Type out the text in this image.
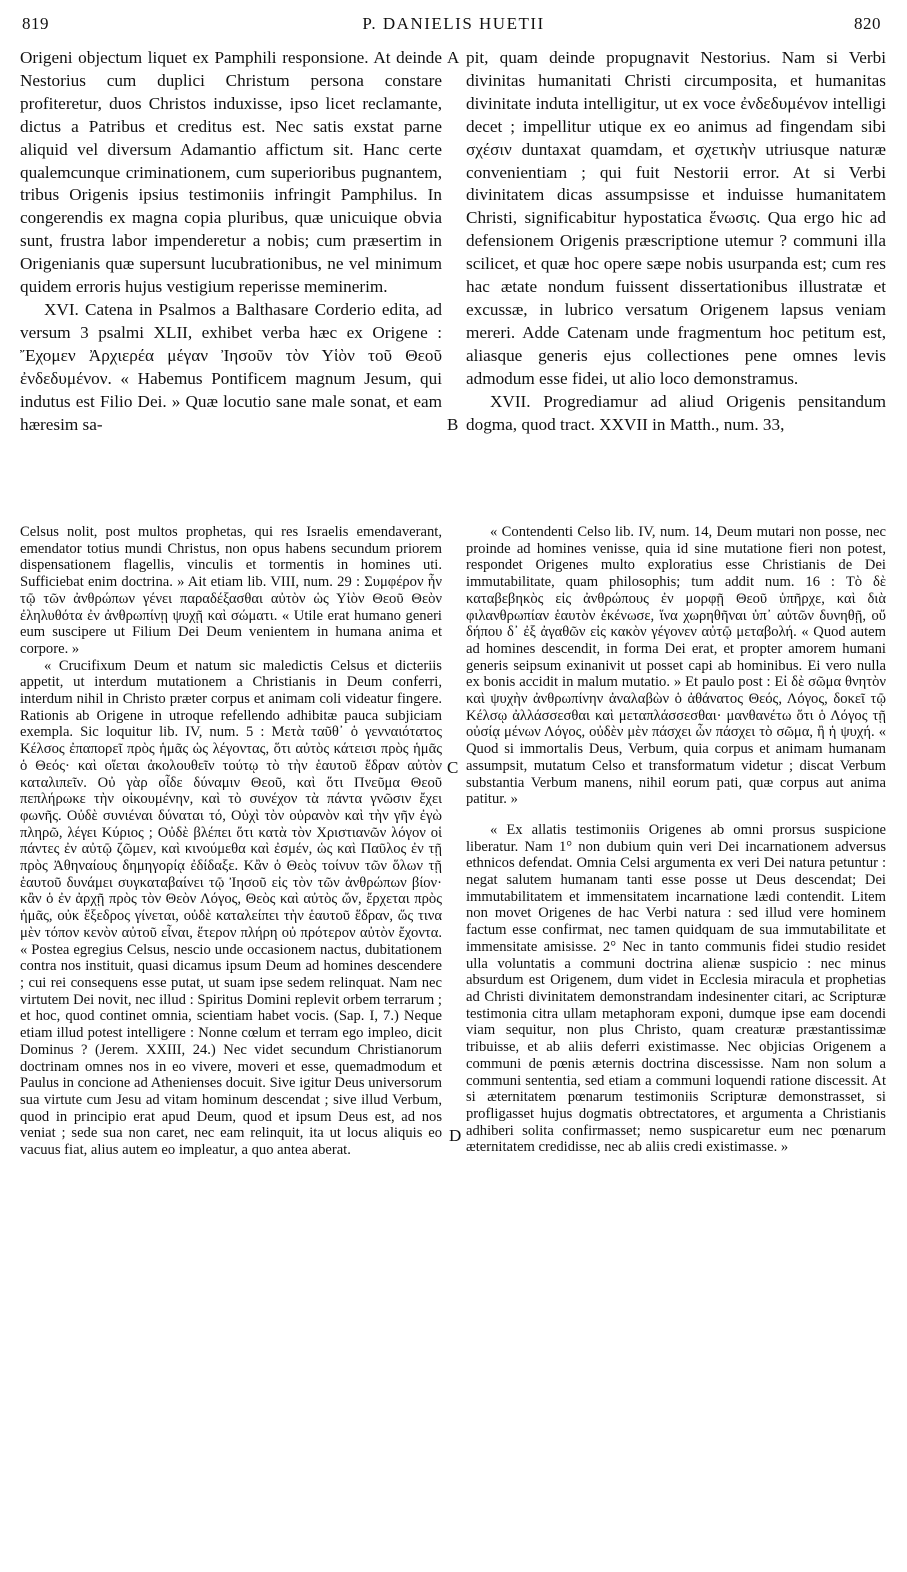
819	P. DANIELIS HUETII	820
A
B
C
D

Origeni objectum liquet ex Pamphili responsione. At deinde Nestorius cum duplici Christum persona constare profiteretur, duos Christos induxisse, ipso licet reclamante, dictus a Patribus et creditus est. Nec satis exstat parne aliquid vel diversum Adamantio affictum sit. Hanc certe qualemcunque criminationem, cum superioribus pugnantem, tribus Origenis ipsius testimoniis infringit Pamphilus. In congerendis ex magna copia pluribus, quæ unicuique obvia sunt, frustra labor impenderetur a nobis; cum præsertim in Origenianis quæ supersunt lucubrationibus, ne vel minimum quidem erroris hujus vestigium reperisse meminerim.

XVI. Catena in Psalmos a Balthasare Corderio edita, ad versum 3 psalmi XLII, exhibet verba hæc ex Origene : Ἔχομεν Ἀρχιερέα μέγαν Ἰησοῦν τὸν Υἱὸν τοῦ Θεοῦ ἐνδεδυμένον. « Habemus Pontificem magnum Jesum, qui indutus est Filio Dei. » Quæ locutio sane male sonat, et eam hæresim sa-

pit, quam deinde propugnavit Nestorius. Nam si Verbi divinitas humanitati Christi circumposita, et humanitas divinitate induta intelligitur, ut ex voce ἐνδεδυμένον intelligi decet ; impellitur utique ex eo animus ad fingendam sibi σχέσιν duntaxat quamdam, et σχετικὴν utriusque naturæ convenientiam ; qui fuit Nestorii error. At si Verbi divinitatem dicas assumpsisse et induisse humanitatem Christi, significabitur hypostatica ἕνωσις. Qua ergo hic ad defensionem Origenis præscriptione utemur ? communi illa scilicet, et quæ hoc opere sæpe nobis usurpanda est; cum res hac ætate nondum fuissent dissertationibus illustratæ et excussæ, in lubrico versatum Origenem lapsus veniam mereri. Adde Catenam unde fragmentum hoc petitum est, aliasque generis ejus collectiones pene omnes levis admodum esse fidei, ut alio loco demonstramus.

XVII. Progrediamur ad aliud Origenis pensitandum dogma, quod tract. XXVII in Matth., num. 33,

Celsus nolit, post multos prophetas, qui res Israelis emendaverant, emendator totius mundi Christus, non opus habens secundum priorem dispensationem flagellis, vinculis et tormentis in homines uti. Sufficiebat enim doctrina. » Ait etiam lib. VIII, num. 29 : Συμφέρον ἦν τῷ τῶν ἀνθρώπων γένει παραδέξασθαι αὐτὸν ὡς Υἱὸν Θεοῦ Θεὸν ἐληλυθότα ἐν ἀνθρωπίνῃ ψυχῇ καὶ σώματι. « Utile erat humano generi eum suscipere ut Filium Dei Deum venientem in humana anima et corpore. »

« Crucifixum Deum et natum sic maledictis Celsus et dicteriis appetit, ut interdum mutationem a Christianis in Deum conferri, interdum nihil in Christo præter corpus et animam coli videatur fingere. Rationis ab Origene in utroque refellendo adhibitæ pauca subjiciam exempla. Sic loquitur lib. IV, num. 5 : Μετὰ ταῦθ᾽ ὁ γενναιότατος Κέλσος ἐπαπορεῖ πρὸς ἡμᾶς ὡς λέγοντας, ὅτι αὐτὸς κάτεισι πρὸς ἡμᾶς ὁ Θεός· καὶ οἴεται ἀκολουθεῖν τούτῳ τὸ τὴν ἑαυτοῦ ἕδραν αὐτὸν καταλιπεῖν. Οὐ γὰρ οἶδε δύναμιν Θεοῦ, καὶ ὅτι Πνεῦμα Θεοῦ πεπλήρωκε τὴν οἰκουμένην, καὶ τὸ συνέχον τὰ πάντα γνῶσιν ἔχει φωνῆς. Οὐδὲ συνιέναι δύναται τό, Οὐχὶ τὸν οὐρανὸν καὶ τὴν γῆν ἐγὼ πληρῶ, λέγει Κύριος ; Οὐδὲ βλέπει ὅτι κατὰ τὸν Χριστιανῶν λόγον οἱ πάντες ἐν αὐτῷ ζῶμεν, καὶ κινούμεθα καὶ ἐσμέν, ὡς καὶ Παῦλος ἐν τῇ πρὸς Ἀθηναίους δημηγορίᾳ ἐδίδαξε. Κἂν ὁ Θεὸς τοίνυν τῶν ὅλων τῇ ἑαυτοῦ δυνάμει συγκαταβαίνει τῷ Ἰησοῦ εἰς τὸν τῶν ἀνθρώπων βίον· κἂν ὁ ἐν ἀρχῇ πρὸς τὸν Θεὸν Λόγος, Θεὸς καὶ αὐτὸς ὤν, ἔρχεται πρὸς ἡμᾶς, οὐκ ἔξεδρος γίνεται, οὐδὲ καταλείπει τὴν ἑαυτοῦ ἕδραν, ὥς τινα μὲν τόπον κενὸν αὐτοῦ εἶναι, ἕτερον πλήρη οὐ πρότερον αὐτὸν ἔχοντα. « Postea egregius Celsus, nescio unde occasionem nactus, dubitationem contra nos instituit, quasi dicamus ipsum Deum ad homines descendere ; cui rei consequens esse putat, ut suam ipse sedem relinquat. Nam nec virtutem Dei novit, nec illud : Spiritus Domini replevit orbem terrarum ; et hoc, quod continet omnia, scientiam habet vocis. (Sap. I, 7.) Neque etiam illud potest intelligere : Nonne cœlum et terram ego impleo, dicit Dominus ? (Jerem. XXIII, 24.) Nec videt secundum Christianorum doctrinam omnes nos in eo vivere, moveri et esse, quemadmodum et Paulus in concione ad Athenienses docuit. Sive igitur Deus universorum sua virtute cum Jesu ad vitam hominum descendat ; sive illud Verbum, quod in principio erat apud Deum, quod et ipsum Deus est, ad nos veniat ; sede sua non caret, nec eam relinquit, ita ut locus aliquis eo vacuus fiat, alius autem eo impleatur, a quo antea aberat.

« Contendenti Celso lib. IV, num. 14, Deum mutari non posse, nec proinde ad homines venisse, quia id sine mutatione fieri non potest, respondet Origenes multo exploratius esse Christianis de Dei immutabilitate, quam philosophis; tum addit num. 16 : Τὸ δὲ καταβεβηκὸς εἰς ἀνθρώπους ἐν μορφῇ Θεοῦ ὑπῆρχε, καὶ διὰ φιλανθρωπίαν ἑαυτὸν ἐκένωσε, ἵνα χωρηθῆναι ὑπ᾽ αὐτῶν δυνηθῇ, οὔ δήπου δ᾽ ἐξ ἀγαθῶν εἰς κακὸν γέγονεν αὐτῷ μεταβολή. « Quod autem ad homines descendit, in forma Dei erat, et propter amorem humani generis seipsum exinanivit ut posset capi ab hominibus. Ei vero nulla ex bonis accidit in malum mutatio. » Et paulo post : Εἰ δὲ σῶμα θνητὸν καὶ ψυχὴν ἀνθρωπίνην ἀναλαβὼν ὁ ἀθάνατος Θεός, Λόγος, δοκεῖ τῷ Κέλσῳ ἀλλάσσεσθαι καὶ μεταπλάσσεσθαι· μανθανέτω ὅτι ὁ Λόγος τῇ οὐσίᾳ μένων Λόγος, οὐδὲν μὲν πάσχει ὧν πάσχει τὸ σῶμα, ἢ ἡ ψυχή. « Quod si immortalis Deus, Verbum, quia corpus et animam humanam assumpsit, mutatum Celso et transformatum videtur ; discat Verbum substantia Verbum manens, nihil eorum pati, quæ corpus aut anima patitur. »

« Ex allatis testimoniis Origenes ab omni prorsus suspicione liberatur. Nam 1° non dubium quin veri Dei incarnationem adversus ethnicos defendat. Omnia Celsi argumenta ex veri Dei natura petuntur : negat salutem humanam tanti esse posse ut Deus descendat; Dei immutabilitatem et immensitatem incarnatione lædi contendit. Litem non movet Origenes de hac Verbi natura : sed illud vere hominem factum esse confirmat, nec tamen quidquam de sua immutabilitate et immensitate amisisse. 2° Nec in tanto communis fidei studio residet ulla voluntatis a communi doctrina alienæ suspicio : nec minus absurdum est Origenem, dum videt in Ecclesia miracula et prophetias ad Christi divinitatem demonstrandam indesinenter citari, ac Scripturæ testimonia citra ullam metaphoram exponi, dumque ipse eam docendi viam sequitur, non plus Christo, quam creaturæ præstantissimæ tribuisse, et ab aliis deferri existimasse. Nec objicias Origenem a communi de pœnis æternis doctrina discessisse. Nam non solum a communi sententia, sed etiam a communi loquendi ratione discessit. At si æternitatem pœnarum testimoniis Scripturæ demonstrasset, si profligasset hujus dogmatis obtrectatores, et argumenta a Christianis adhiberi solita confirmasset; nemo suspicaretur eum nec pœnarum æternitatem credidisse, nec ab aliis credi existimasse. »
